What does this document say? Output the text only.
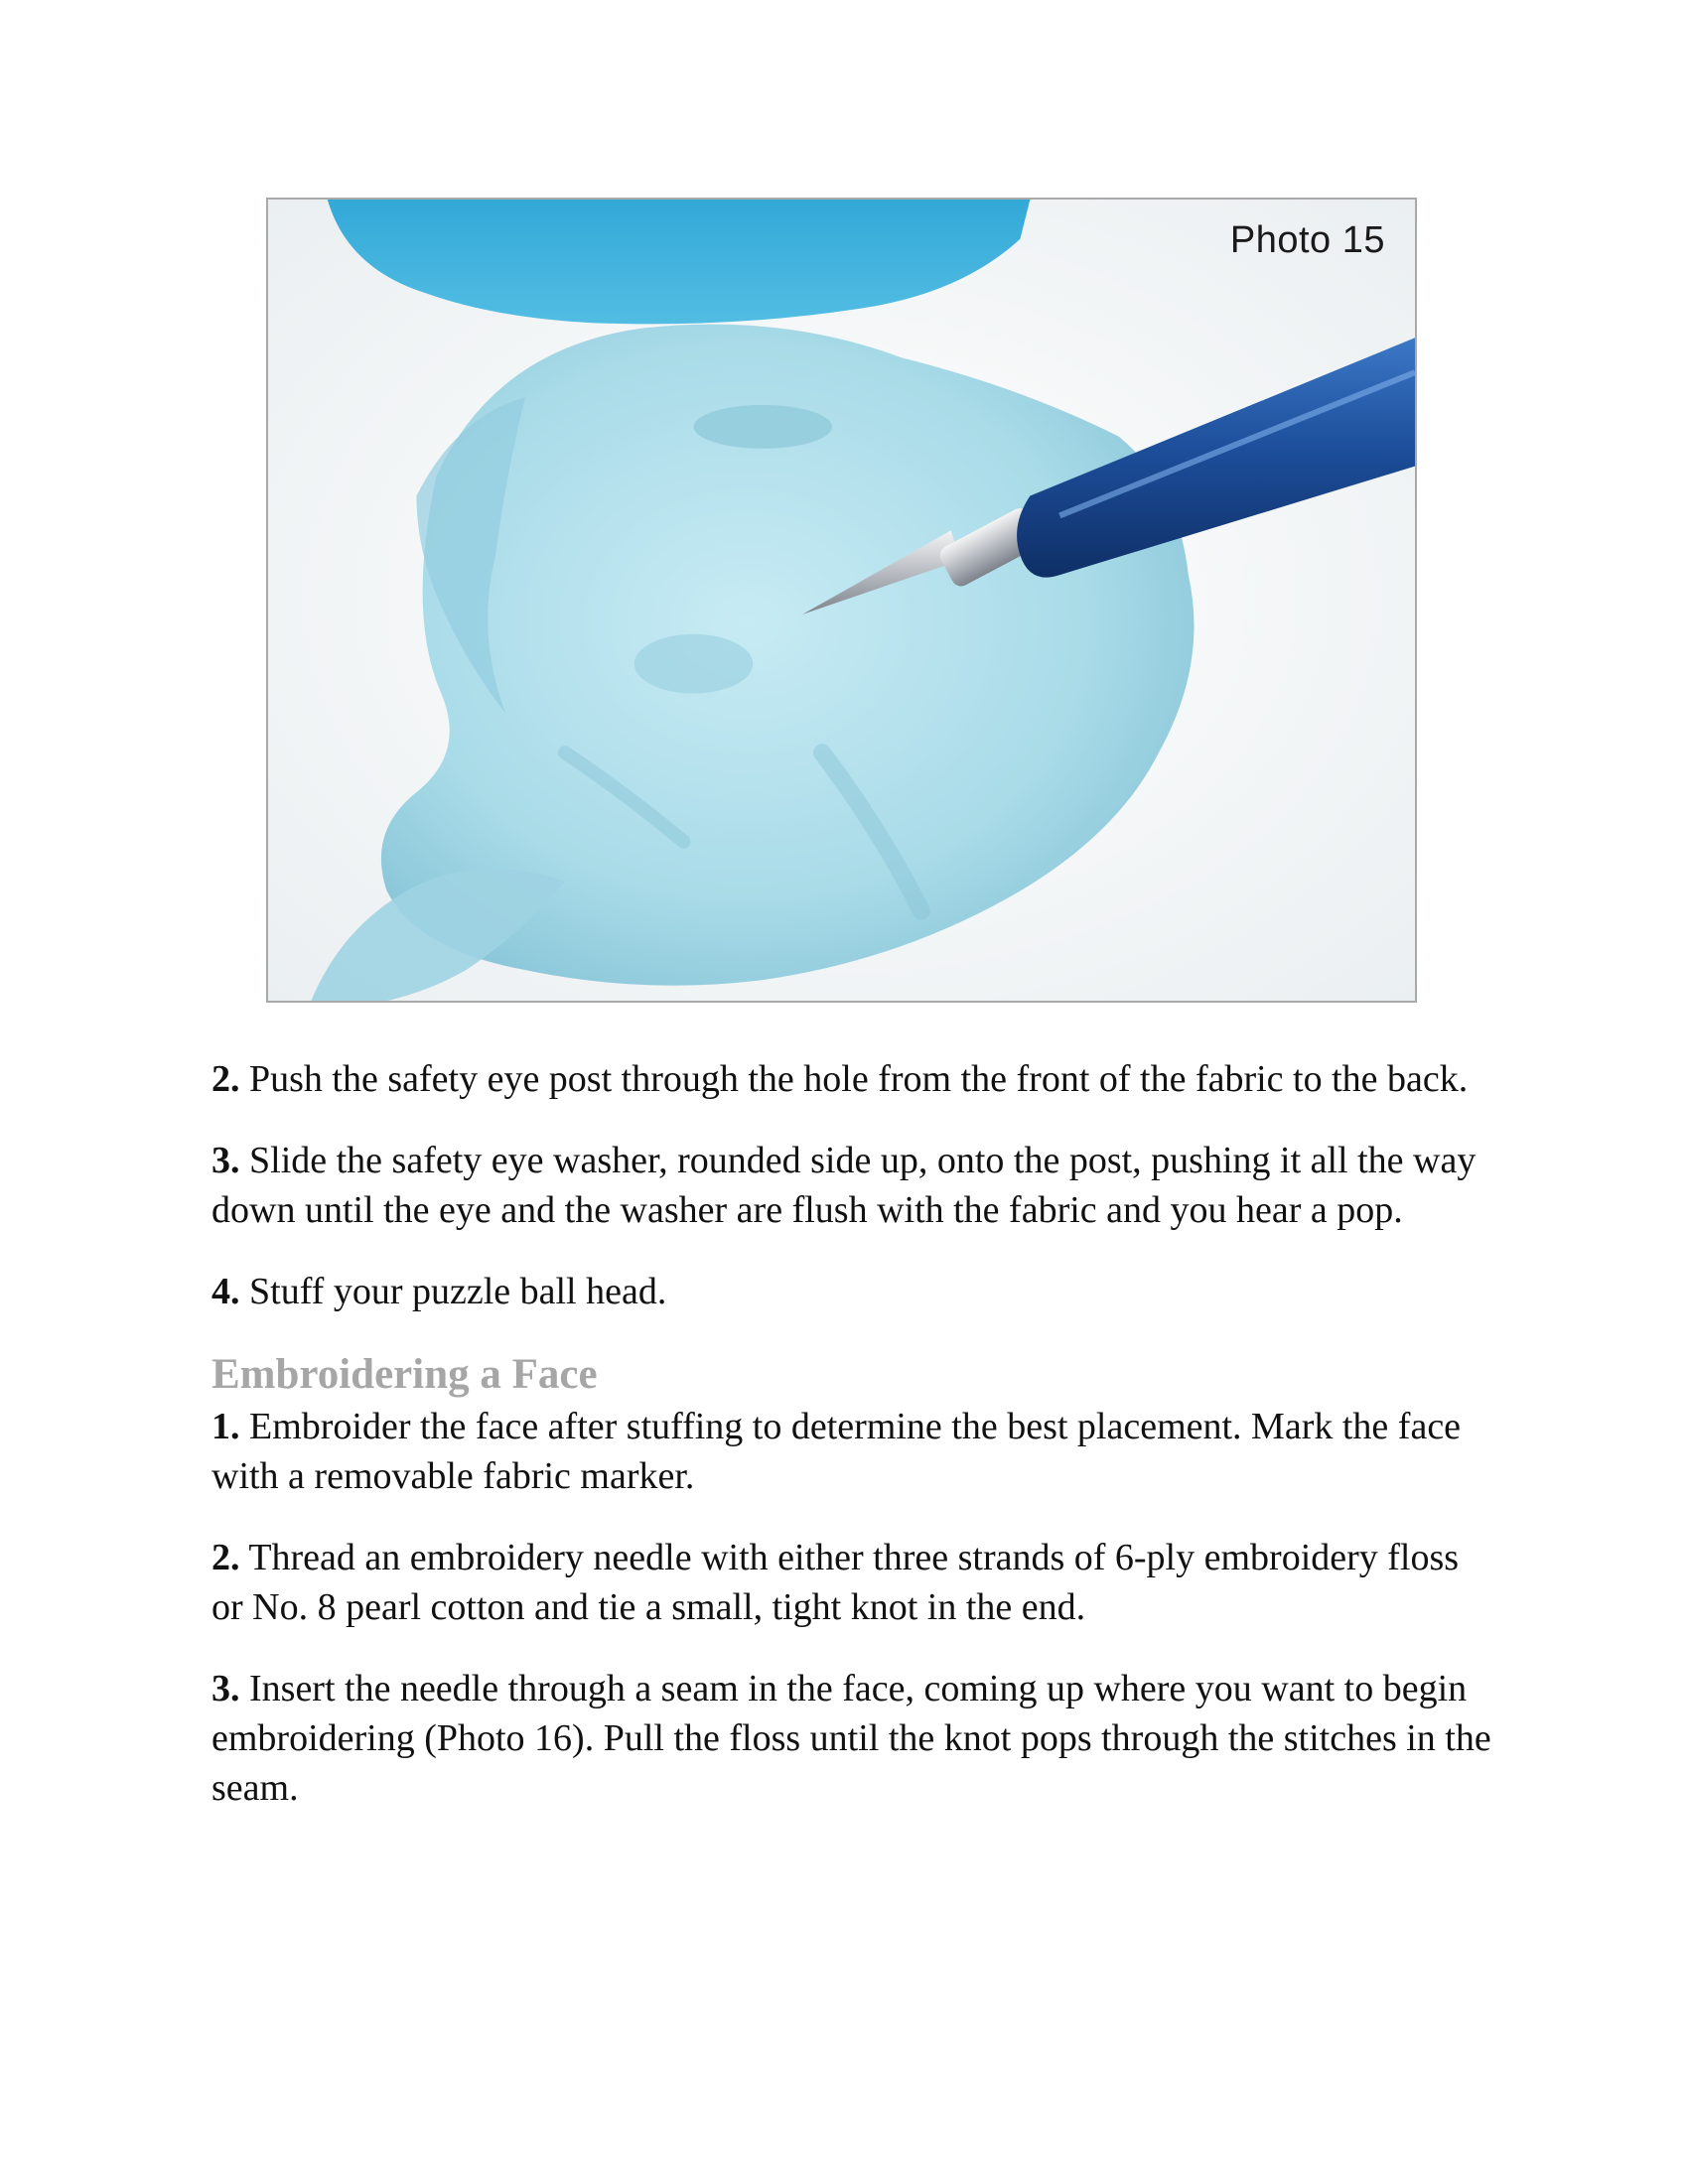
Photo 15

2. Push the safety eye post through the hole from the front of the fabric to the back.

3. Slide the safety eye washer, rounded side up, onto the post, pushing it all the way down until the eye and the washer are flush with the fabric and you hear a pop.

4. Stuff your puzzle ball head.

Embroidering a Face

1. Embroider the face after stuffing to determine the best placement. Mark the face with a removable fabric marker.

2. Thread an embroidery needle with either three strands of 6-ply embroidery floss or No. 8 pearl cotton and tie a small, tight knot in the end.

3. Insert the needle through a seam in the face, coming up where you want to begin embroidering (Photo 16). Pull the floss until the knot pops through the stitches in the seam.
